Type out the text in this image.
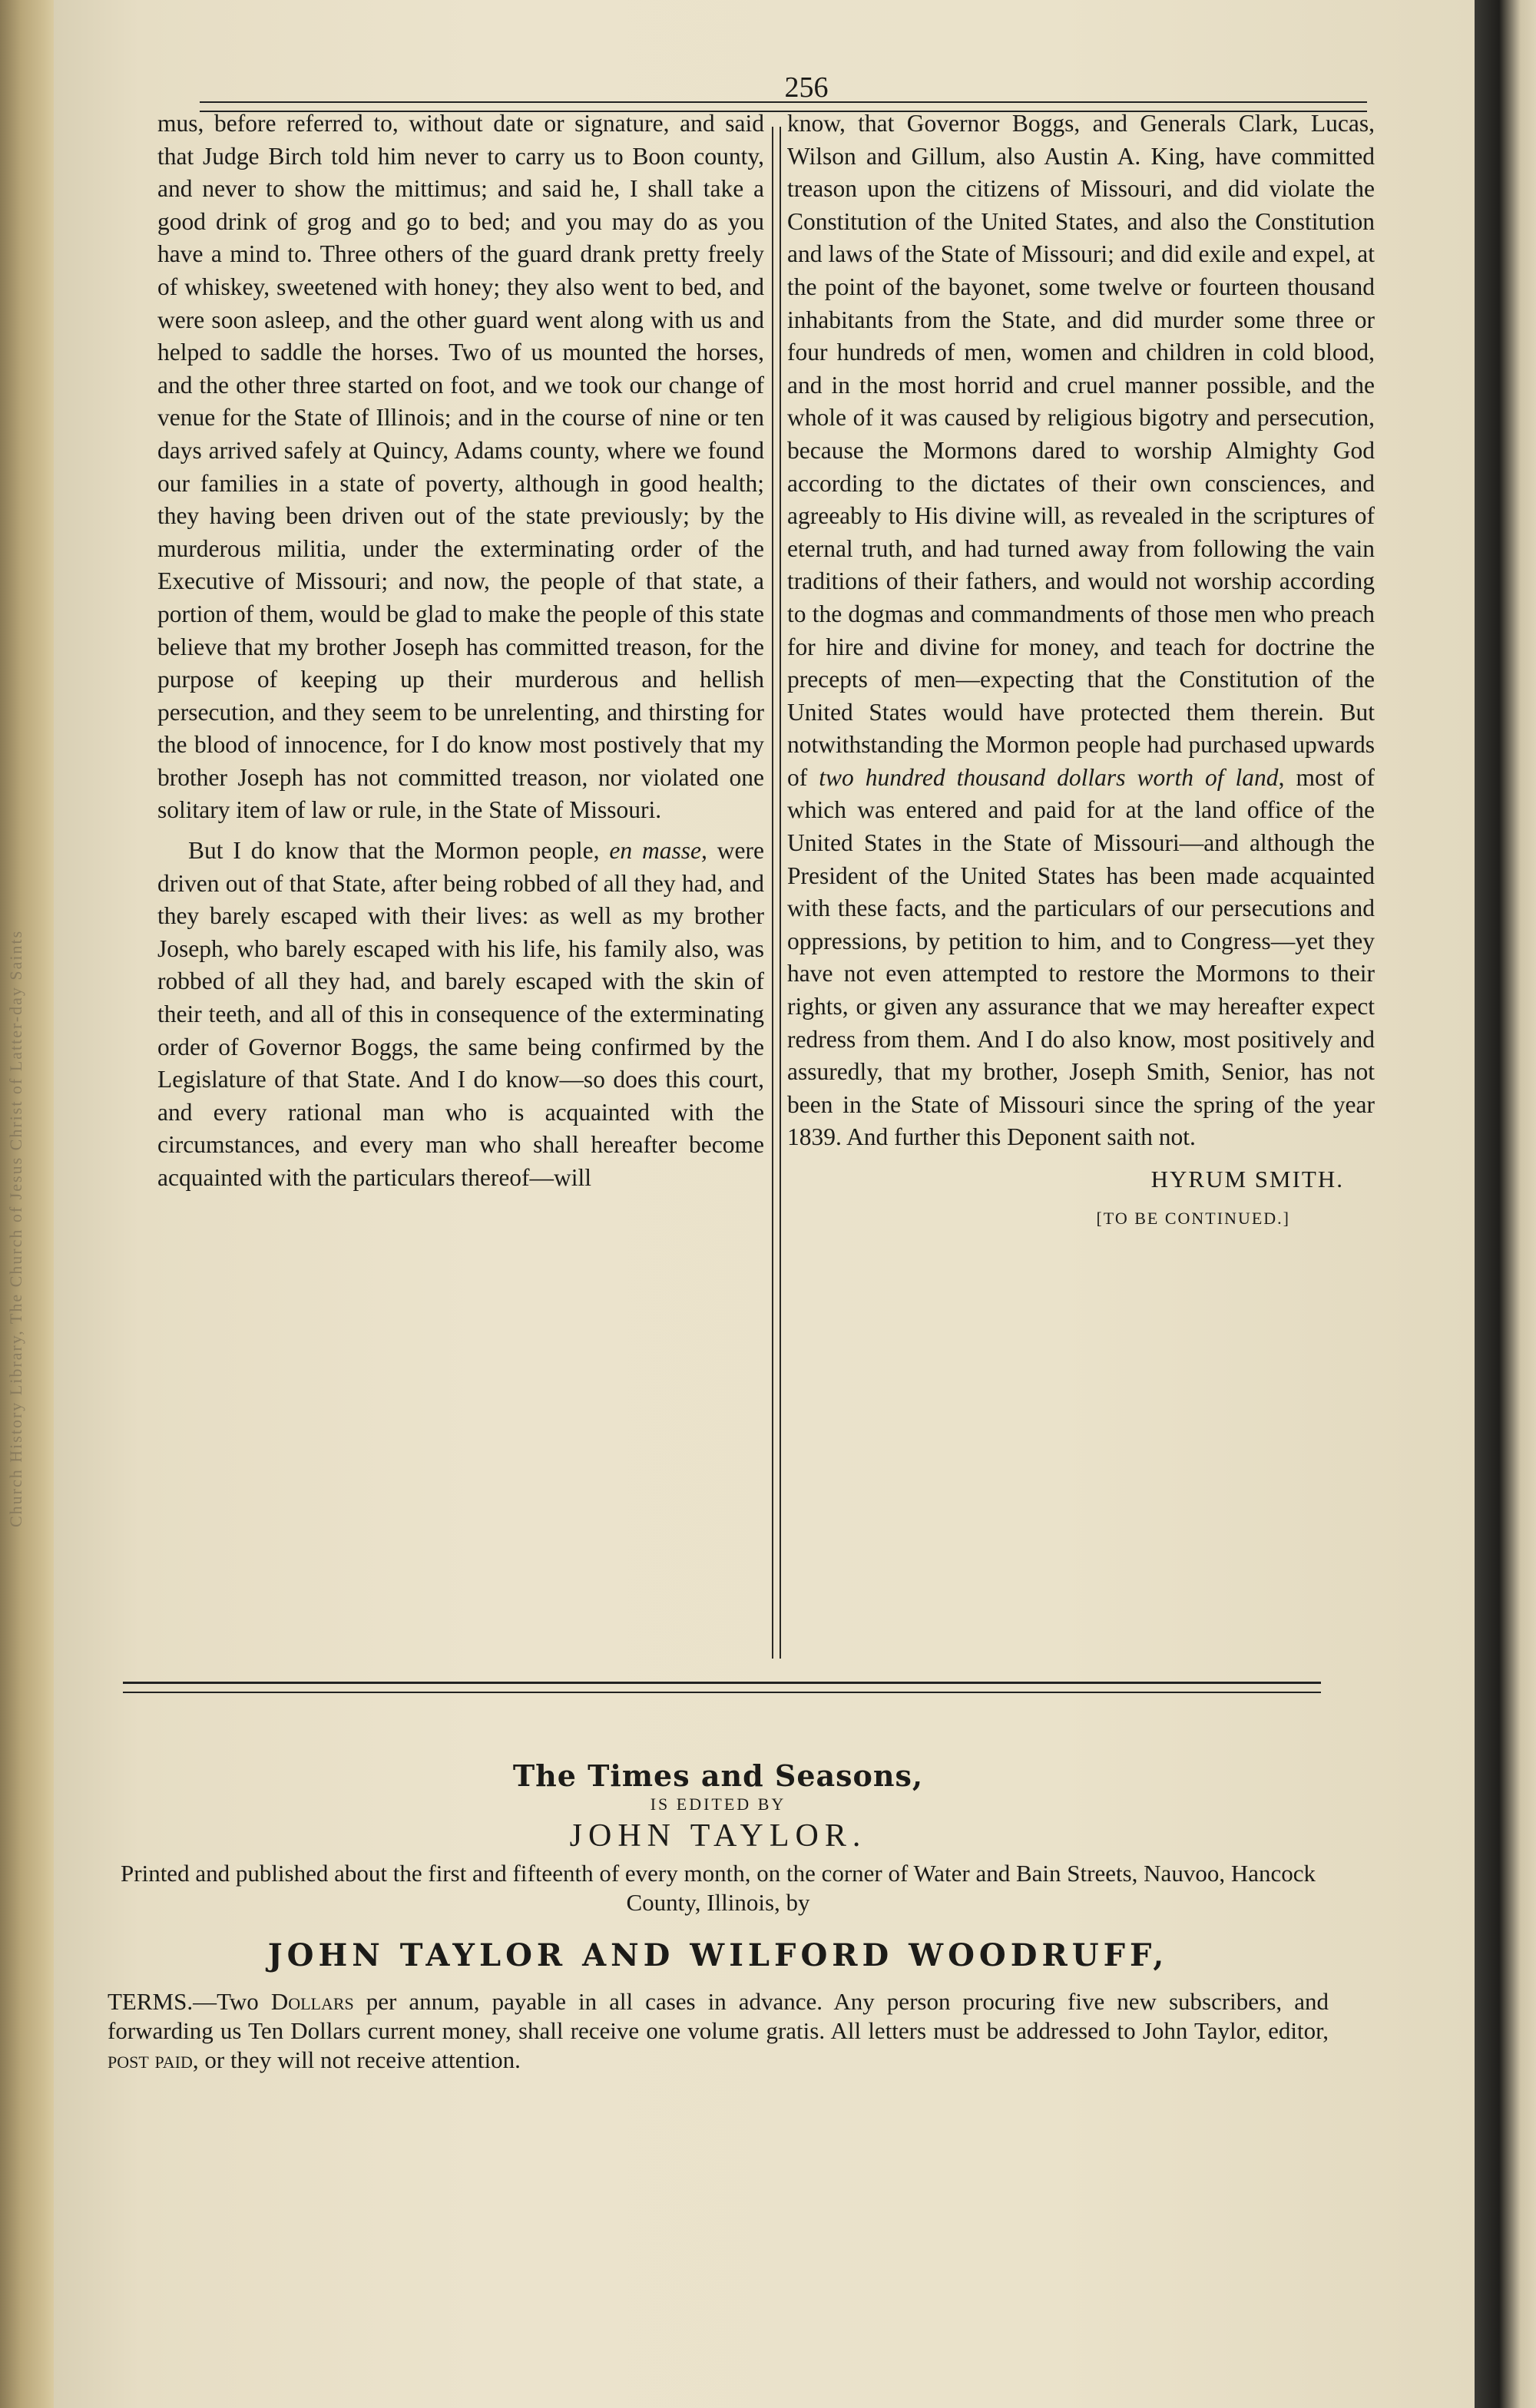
Church History Library, The Church of Jesus Christ of Latter-day Saints
256

mus, before referred to, without date or signature, and said that Judge Birch told him never to carry us to Boon county, and never to show the mittimus; and said he, I shall take a good drink of grog and go to bed; and you may do as you have a mind to. Three others of the guard drank pretty freely of whiskey, sweetened with honey; they also went to bed, and were soon asleep, and the other guard went along with us and helped to saddle the horses. Two of us mounted the horses, and the other three started on foot, and we took our change of venue for the State of Illinois; and in the course of nine or ten days arrived safely at Quincy, Adams county, where we found our families in a state of poverty, although in good health; they having been driven out of the state previously; by the murderous militia, under the exterminating order of the Executive of Missouri; and now, the people of that state, a portion of them, would be glad to make the people of this state believe that my brother Joseph has committed treason, for the purpose of keeping up their murderous and hellish persecution, and they seem to be unrelenting, and thirsting for the blood of innocence, for I do know most postively that my brother Joseph has not committed treason, nor violated one solitary item of law or rule, in the State of Missouri.

But I do know that the Mormon people, en masse, were driven out of that State, after being robbed of all they had, and they barely escaped with their lives: as well as my brother Joseph, who barely escaped with his life, his family also, was robbed of all they had, and barely escaped with the skin of their teeth, and all of this in consequence of the exterminating order of Governor Boggs, the same being confirmed by the Legislature of that State. And I do know—so does this court, and every rational man who is acquainted with the circumstances, and every man who shall hereafter become acquainted with the particulars thereof—will

know, that Governor Boggs, and Generals Clark, Lucas, Wilson and Gillum, also Austin A. King, have committed treason upon the citizens of Missouri, and did violate the Constitution of the United States, and also the Constitution and laws of the State of Missouri; and did exile and expel, at the point of the bayonet, some twelve or fourteen thousand inhabitants from the State, and did murder some three or four hundreds of men, women and children in cold blood, and in the most horrid and cruel manner possible, and the whole of it was caused by religious bigotry and persecution, because the Mormons dared to worship Almighty God according to the dictates of their own consciences, and agreeably to His divine will, as revealed in the scriptures of eternal truth, and had turned away from following the vain traditions of their fathers, and would not worship according to the dogmas and commandments of those men who preach for hire and divine for money, and teach for doctrine the precepts of men—expecting that the Constitution of the United States would have protected them therein. But notwithstanding the Mormon people had purchased upwards of two hundred thousand dollars worth of land, most of which was entered and paid for at the land office of the United States in the State of Missouri—and although the President of the United States has been made acquainted with these facts, and the particulars of our persecutions and oppressions, by petition to him, and to Congress—yet they have not even attempted to restore the Mormons to their rights, or given any assurance that we may hereafter expect redress from them. And I do also know, most positively and assuredly, that my brother, Joseph Smith, Senior, has not been in the State of Missouri since the spring of the year 1839. And further this Deponent saith not.

HYRUM SMITH.
[TO BE CONTINUED.]
The Times and Seasons,
IS EDITED BY
JOHN TAYLOR.
Printed and published about the first and fifteenth of every month, on the corner of Water and Bain Streets, Nauvoo, Hancock County, Illinois, by
JOHN TAYLOR AND WILFORD WOODRUFF,
TERMS.—Two Dollars per annum, payable in all cases in advance. Any person procuring five new subscribers, and forwarding us Ten Dollars current money, shall receive one volume gratis. All letters must be addressed to John Taylor, editor, post paid, or they will not receive attention.
